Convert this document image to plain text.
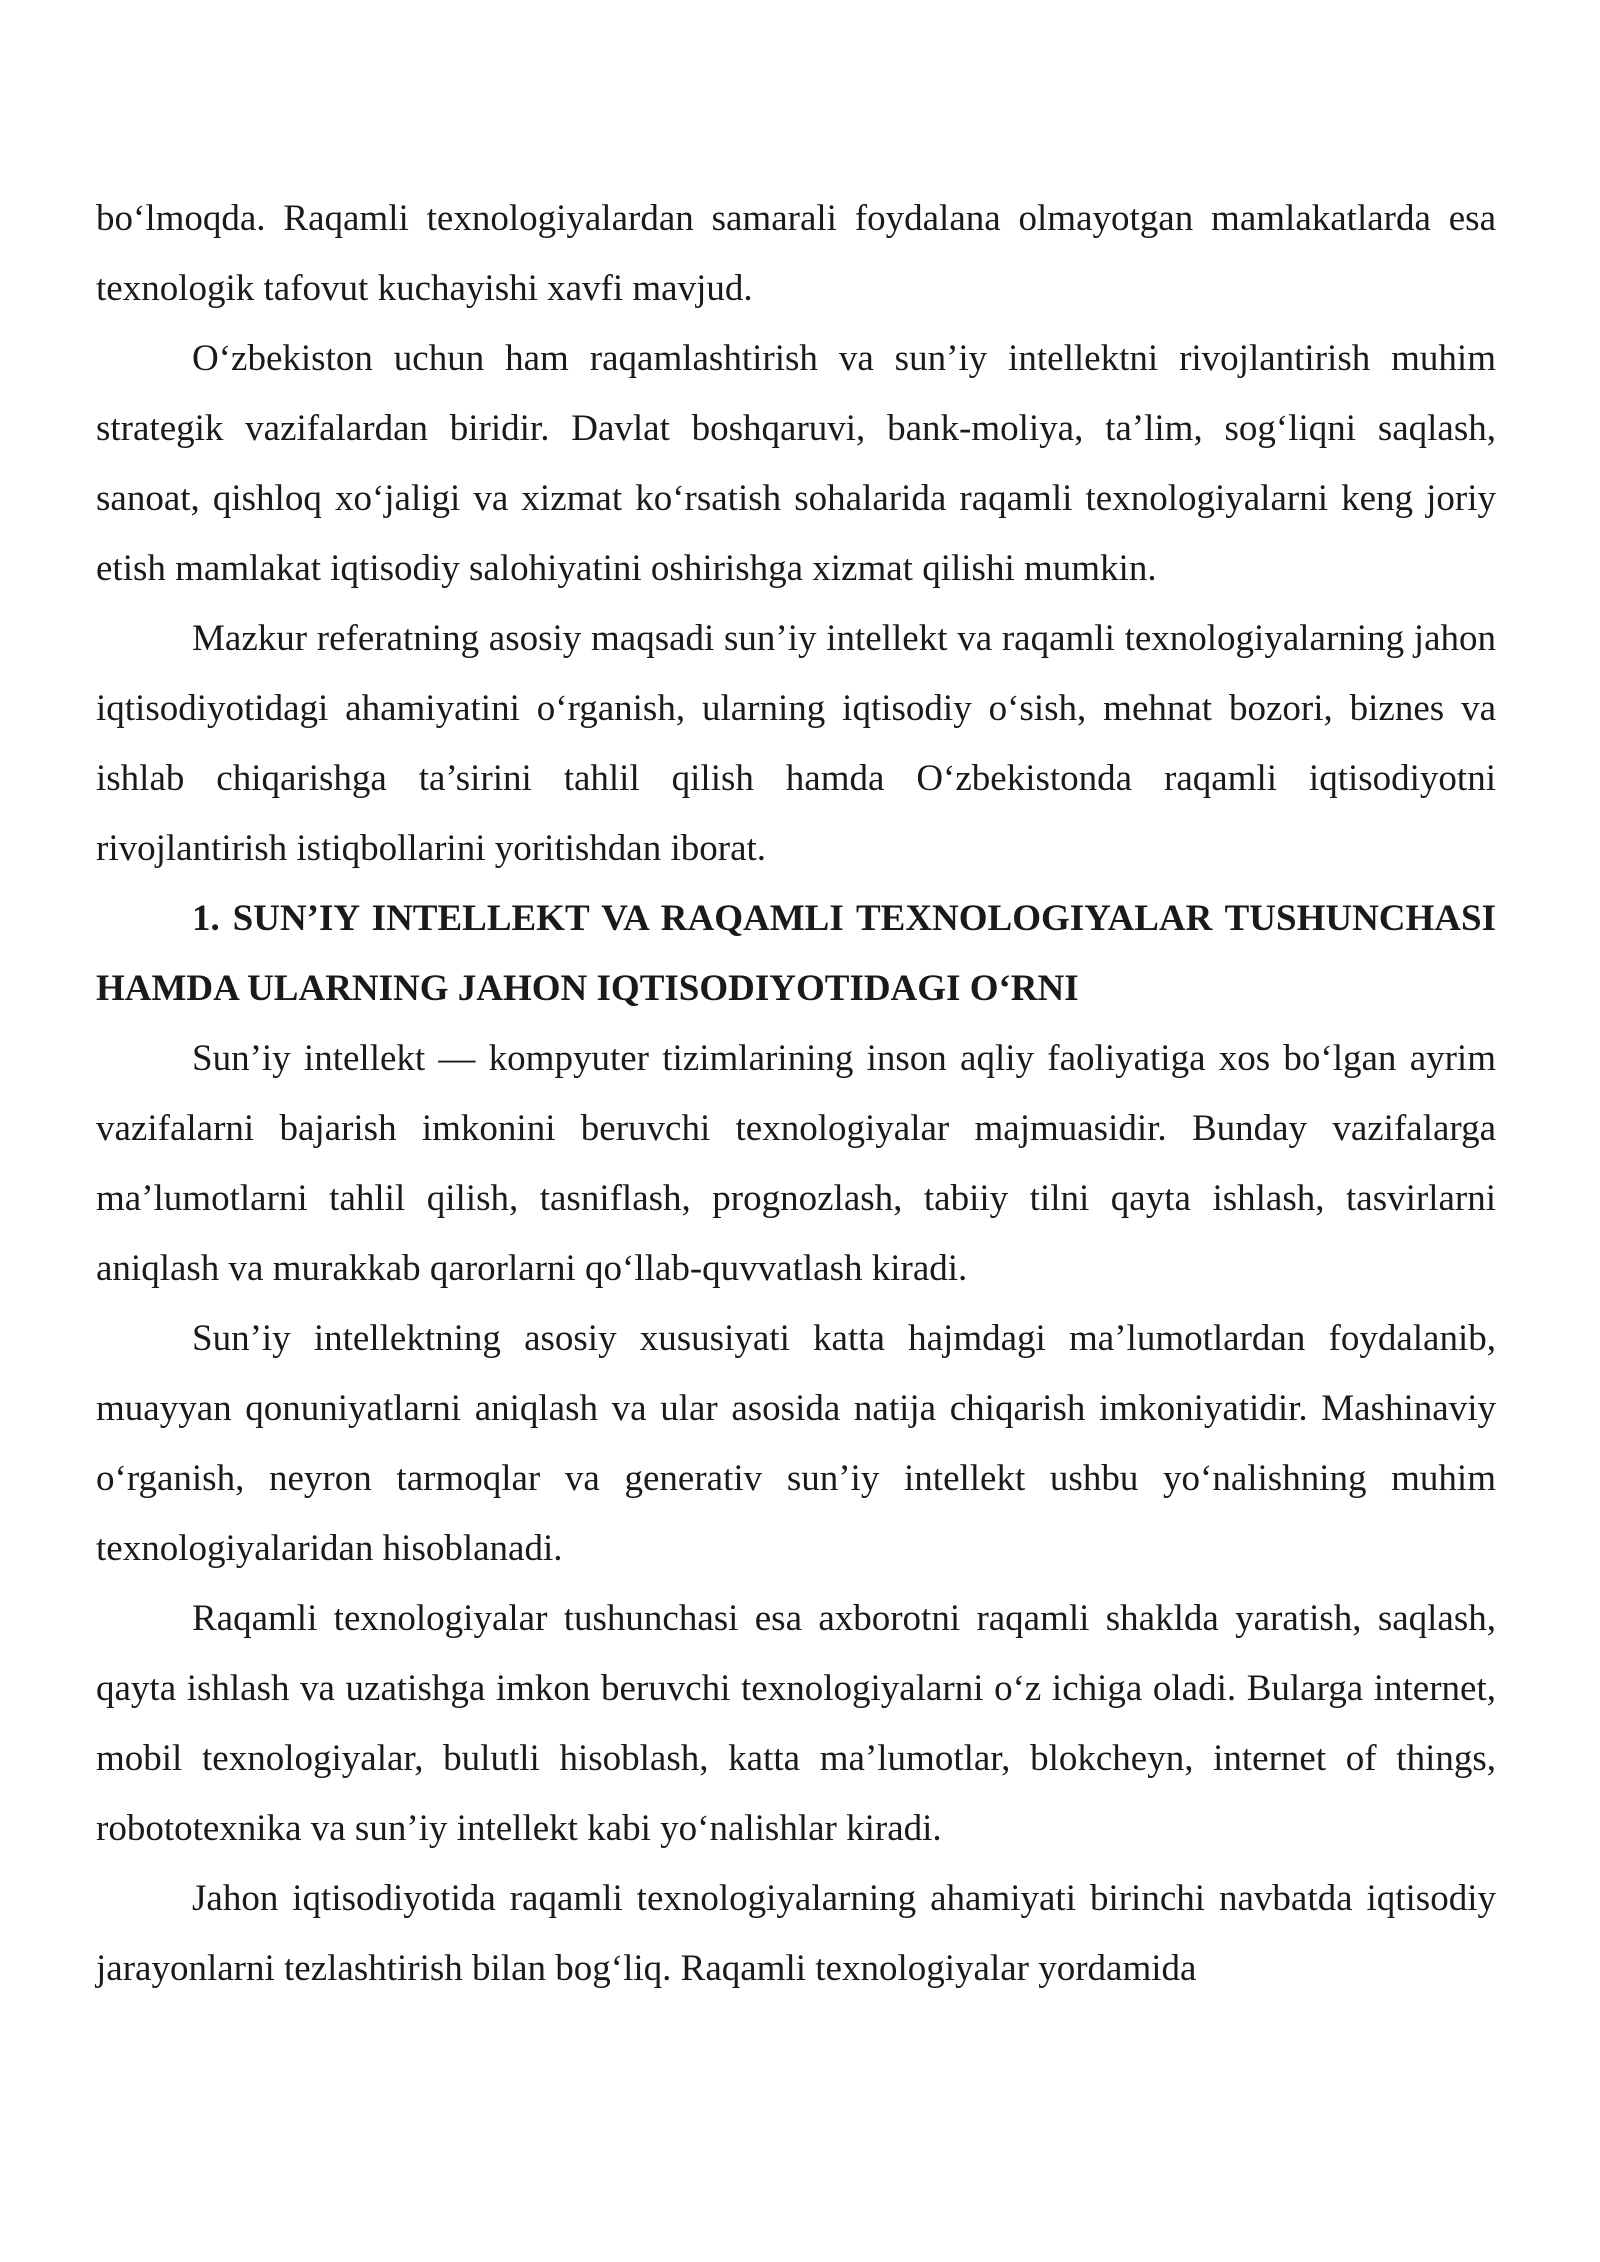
bo‘lmoqda. Raqamli texnologiyalardan samarali foydalana olmayotgan mamlakatlarda esa texnologik tafovut kuchayishi xavfi mavjud.

O‘zbekiston uchun ham raqamlashtirish va sun’iy intellektni rivojlantirish muhim strategik vazifalardan biridir. Davlat boshqaruvi, bank-moliya, ta’lim, sog‘liqni saqlash, sanoat, qishloq xo‘jaligi va xizmat ko‘rsatish sohalarida raqamli texnologiyalarni keng joriy etish mamlakat iqtisodiy salohiyatini oshirishga xizmat qilishi mumkin.

Mazkur referatning asosiy maqsadi sun’iy intellekt va raqamli texnologiyalarning jahon iqtisodiyotidagi ahamiyatini o‘rganish, ularning iqtisodiy o‘sish, mehnat bozori, biznes va ishlab chiqarishga ta’sirini tahlil qilish hamda O‘zbekistonda raqamli iqtisodiyotni rivojlantirish istiqbollarini yoritishdan iborat.

1. SUN’IY INTELLEKT VA RAQAMLI TEXNOLOGIYALAR TUSHUNCHASI HAMDA ULARNING JAHON IQTISODIYOTIDAGI O‘RNI

Sun’iy intellekt — kompyuter tizimlarining inson aqliy faoliyatiga xos bo‘lgan ayrim vazifalarni bajarish imkonini beruvchi texnologiyalar majmuasidir. Bunday vazifalarga ma’lumotlarni tahlil qilish, tasniflash, prognozlash, tabiiy tilni qayta ishlash, tasvirlarni aniqlash va murakkab qarorlarni qo‘llab-quvvatlash kiradi.

Sun’iy intellektning asosiy xususiyati katta hajmdagi ma’lumotlardan foydalanib, muayyan qonuniyatlarni aniqlash va ular asosida natija chiqarish imkoniyatidir. Mashinaviy o‘rganish, neyron tarmoqlar va generativ sun’iy intellekt ushbu yo‘nalishning muhim texnologiyalaridan hisoblanadi.

Raqamli texnologiyalar tushunchasi esa axborotni raqamli shaklda yaratish, saqlash, qayta ishlash va uzatishga imkon beruvchi texnologiyalarni o‘z ichiga oladi. Bularga internet, mobil texnologiyalar, bulutli hisoblash, katta ma’lumotlar, blokcheyn, internet of things, robototexnika va sun’iy intellekt kabi yo‘nalishlar kiradi.

Jahon iqtisodiyotida raqamli texnologiyalarning ahamiyati birinchi navbatda iqtisodiy jarayonlarni tezlashtirish bilan bog‘liq. Raqamli texnologiyalar yordamida
